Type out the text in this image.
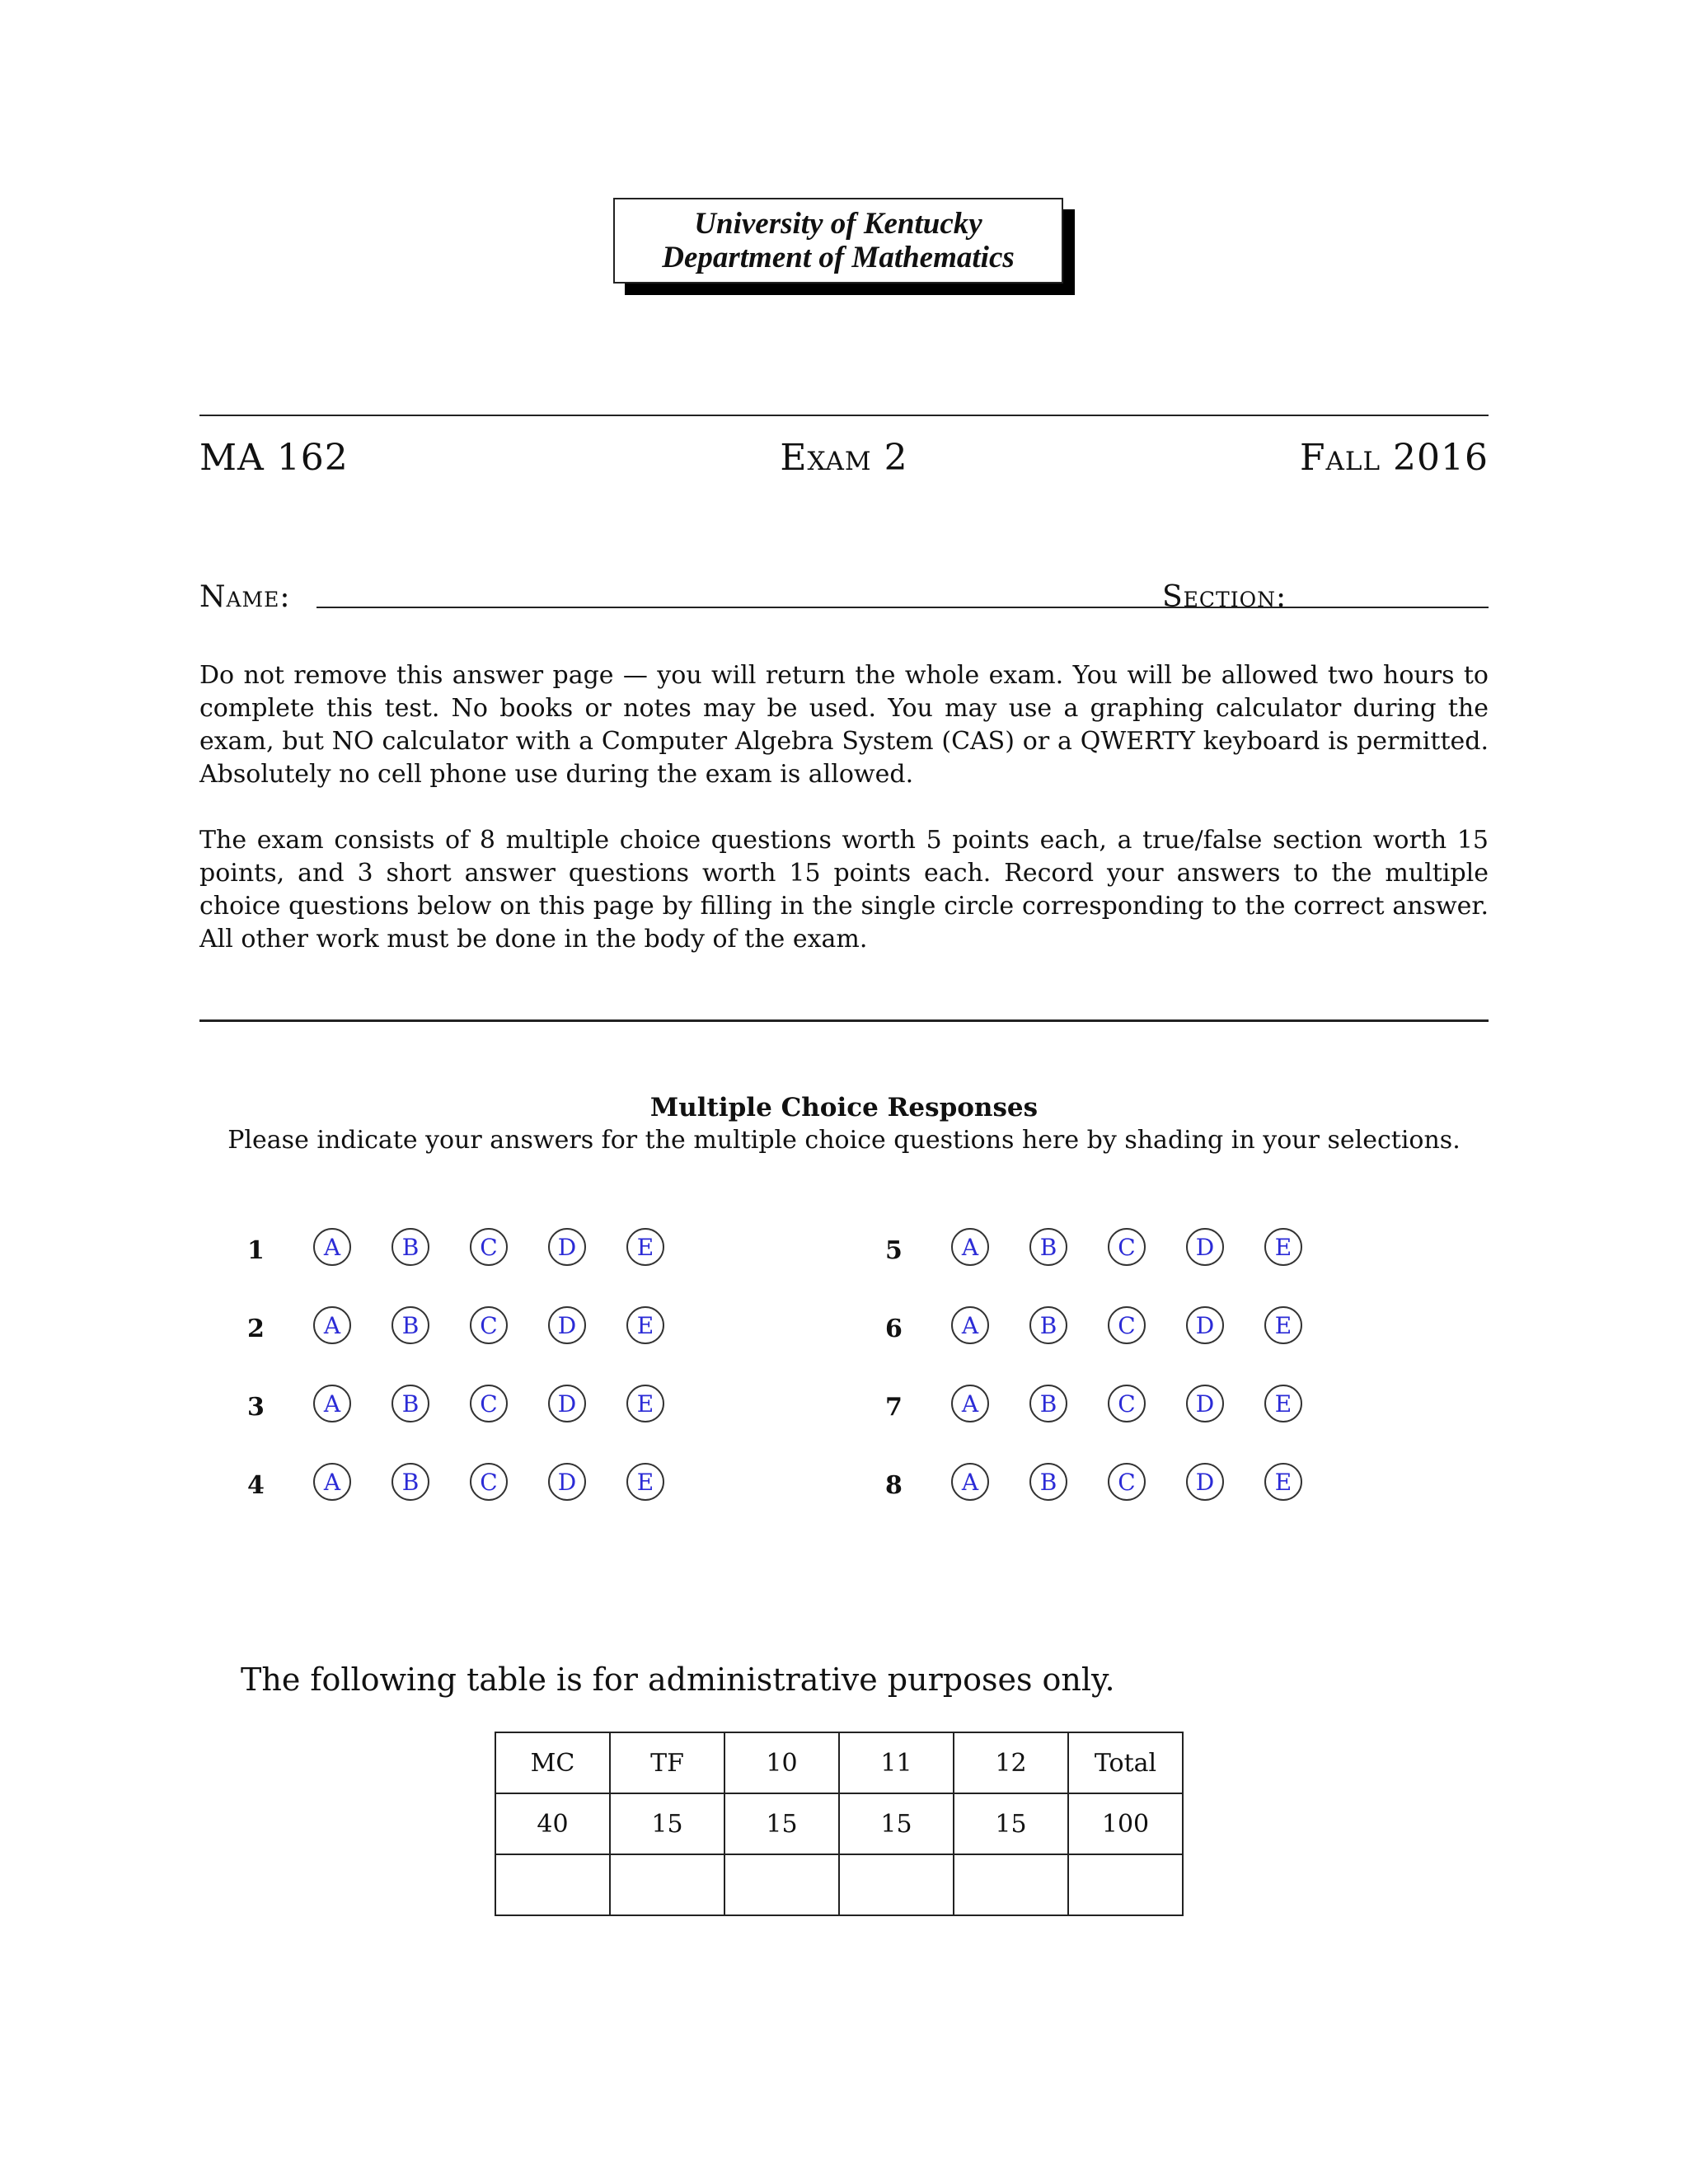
University of Kentucky
Department of Mathematics
MA 162	Exam 2	Fall 2016
Name:	Section:
Do not remove this answer page — you will return the whole exam. You will be allowed two hours to complete this test. No books or notes may be used. You may use a graphing calculator during the exam, but NO calculator with a Computer Algebra System (CAS) or a QWERTY keyboard is permitted. Absolutely no cell phone use during the exam is allowed.
The exam consists of 8 multiple choice questions worth 5 points each, a true/false section worth 15 points, and 3 short answer questions worth 15 points each. Record your answers to the multiple choice questions below on this page by filling in the single circle corresponding to the correct answer. All other work must be done in the body of the exam.
Multiple Choice Responses
Please indicate your answers for the multiple choice questions here by shading in your selections.
1	A	B	C	D	E
2	A	B	C	D	E
3	A	B	C	D	E
4	A	B	C	D	E
5	A	B	C	D	E
6	A	B	C	D	E
7	A	B	C	D	E
8	A	B	C	D	E
The following table is for administrative purposes only.
MC	TF	10	11	12	Total
40	15	15	15	15	100
